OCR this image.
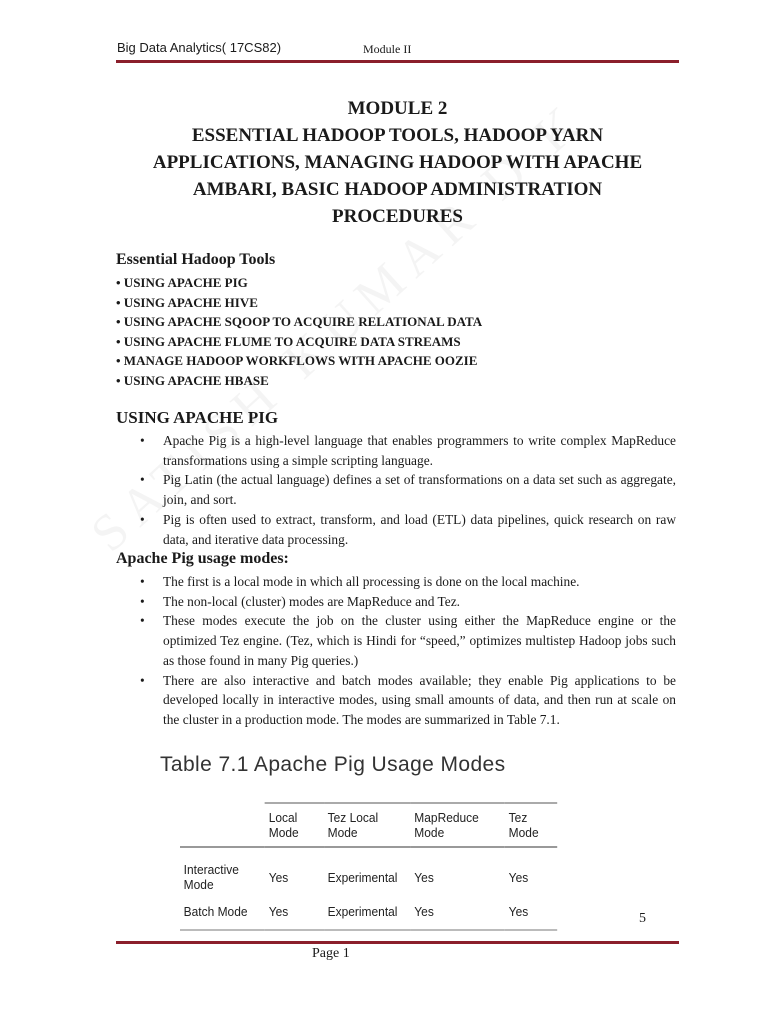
Big Data Analytics( 17CS82)	Module II
MODULE 2
ESSENTIAL HADOOP TOOLS, HADOOP YARN
APPLICATIONS, MANAGING HADOOP WITH APACHE
AMBARI, BASIC HADOOP ADMINISTRATION
PROCEDURES
Essential Hadoop Tools
• USING APACHE PIG
• USING APACHE HIVE
• USING APACHE SQOOP TO ACQUIRE RELATIONAL DATA
• USING APACHE FLUME TO ACQUIRE DATA STREAMS
• MANAGE HADOOP WORKFLOWS WITH APACHE OOZIE
• USING APACHE HBASE
USING APACHE PIG
• Apache Pig is a high-level language that enables programmers to write complex MapReduce transformations using a simple scripting language.
• Pig Latin (the actual language) defines a set of transformations on a data set such as aggregate, join, and sort.
• Pig is often used to extract, transform, and load (ETL) data pipelines, quick research on raw data, and iterative data processing.
Apache Pig usage modes:
• The first is a local mode in which all processing is done on the local machine.
• The non-local (cluster) modes are MapReduce and Tez.
• These modes execute the job on the cluster using either the MapReduce engine or the optimized Tez engine. (Tez, which is Hindi for “speed,” optimizes multistep Hadoop jobs such as those found in many Pig queries.)
• There are also interactive and batch modes available; they enable Pig applications to be developed locally in interactive modes, using small amounts of data, and then run at scale on the cluster in a production mode. The modes are summarized in Table 7.1.
Table 7.1 Apache Pig Usage Modes
	Local Mode	Tez Local Mode	MapReduce Mode	Tez Mode
Interactive Mode	Yes	Experimental	Yes	Yes
Batch Mode	Yes	Experimental	Yes	Yes	5
Page 1
